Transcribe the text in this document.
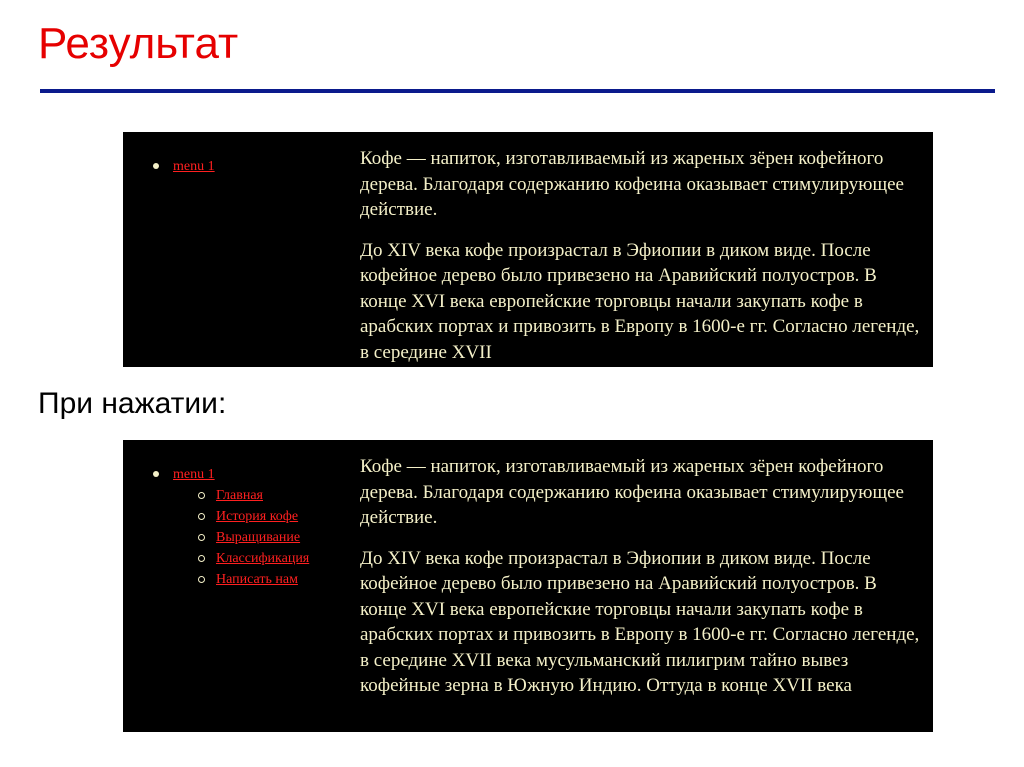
Результат
menu 1	Кофе — напиток, изготавливаемый из жареных зёрен кофейного дерева. Благодаря содержанию кофеина оказывает стимулирующее действие.

До XIV века кофе произрастал в Эфиопии в диком виде. После кофейное дерево было привезено на Аравийский полуостров. В конце XVI века европейские торговцы начали закупать кофе в арабских портах и привозить в Европу в 1600-е гг. Согласно легенде, в середине XVII

При нажатии:
menu 1
Главная
История кофе
Выращивание
Классификация
Написать нам

Кофе — напиток, изготавливаемый из жареных зёрен кофейного дерева. Благодаря содержанию кофеина оказывает стимулирующее действие.

До XIV века кофе произрастал в Эфиопии в диком виде. После кофейное дерево было привезено на Аравийский полуостров. В конце XVI века европейские торговцы начали закупать кофе в арабских портах и привозить в Европу в 1600-е гг. Согласно легенде, в середине XVII века мусульманский пилигрим тайно вывез кофейные зерна в Южную Индию. Оттуда в конце XVII века
